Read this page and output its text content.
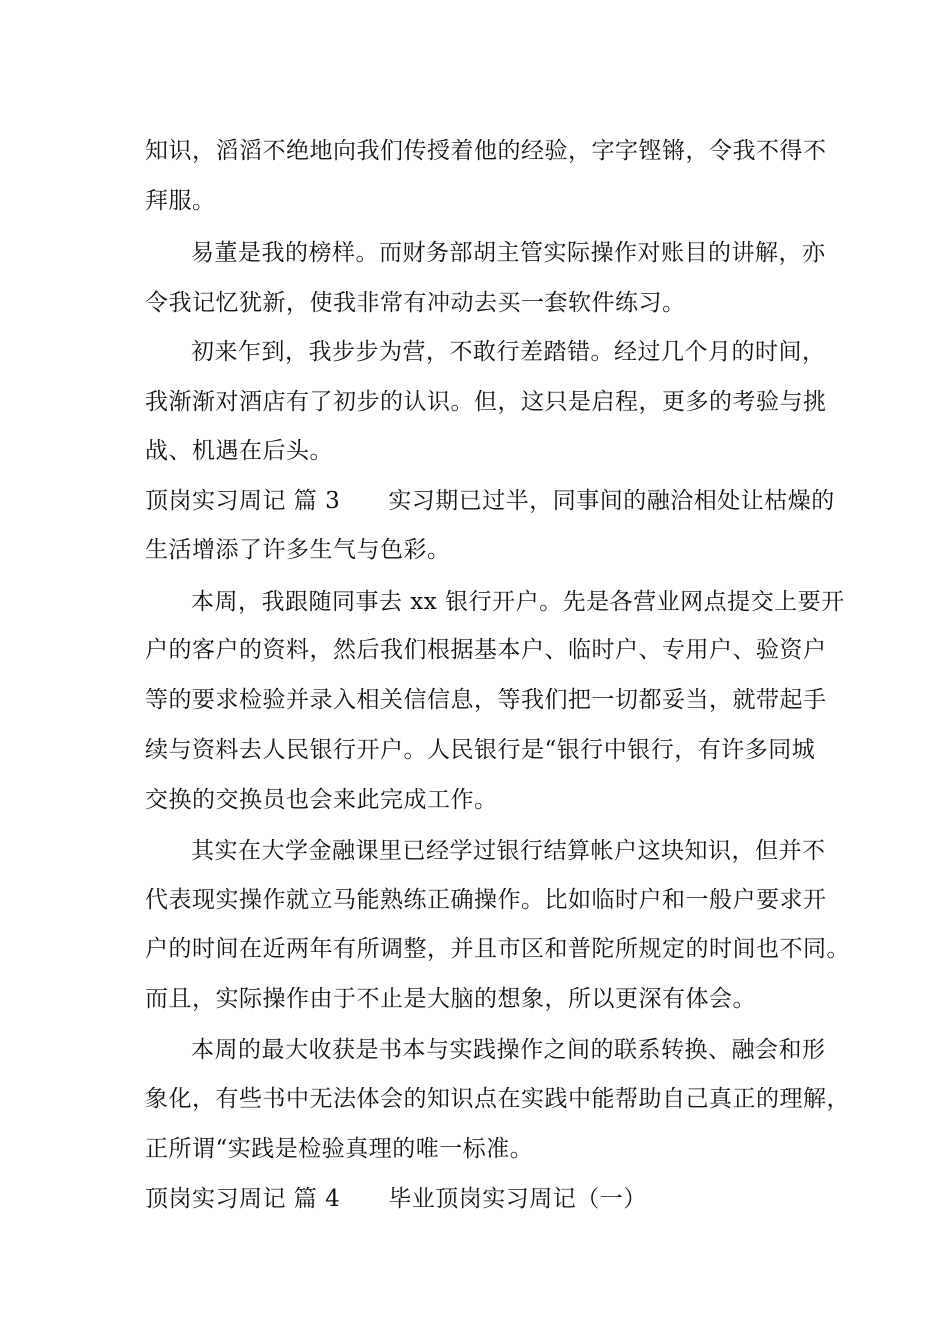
知识，滔滔不绝地向我们传授着他的经验，字字铿锵，令我不得不
拜服。
易董是我的榜样。而财务部胡主管实际操作对账目的讲解，亦
令我记忆犹新，使我非常有冲动去买一套软件练习。
初来乍到，我步步为营，不敢行差踏错。经过几个月的时间，
我渐渐对酒店有了初步的认识。但，这只是启程，更多的考验与挑
战、机遇在后头。
顶岗实习周记 篇 3 实习期已过半，同事间的融洽相处让枯燥的
生活增添了许多生气与色彩。
本周，我跟随同事去 xx 银行开户。先是各营业网点提交上要开
户的客户的资料，然后我们根据基本户、临时户、专用户、验资户
等的要求检验并录入相关信信息，等我们把一切都妥当，就带起手
续与资料去人民银行开户。人民银行是“银行中银行，有许多同城
交换的交换员也会来此完成工作。
其实在大学金融课里已经学过银行结算帐户这块知识，但并不
代表现实操作就立马能熟练正确操作。比如临时户和一般户要求开
户的时间在近两年有所调整，并且市区和普陀所规定的时间也不同。
而且，实际操作由于不止是大脑的想象，所以更深有体会。
本周的最大收获是书本与实践操作之间的联系转换、融会和形
象化，有些书中无法体会的知识点在实践中能帮助自己真正的理解，
正所谓“实践是检验真理的唯一标准。
顶岗实习周记 篇 4 毕业顶岗实习周记（一）
